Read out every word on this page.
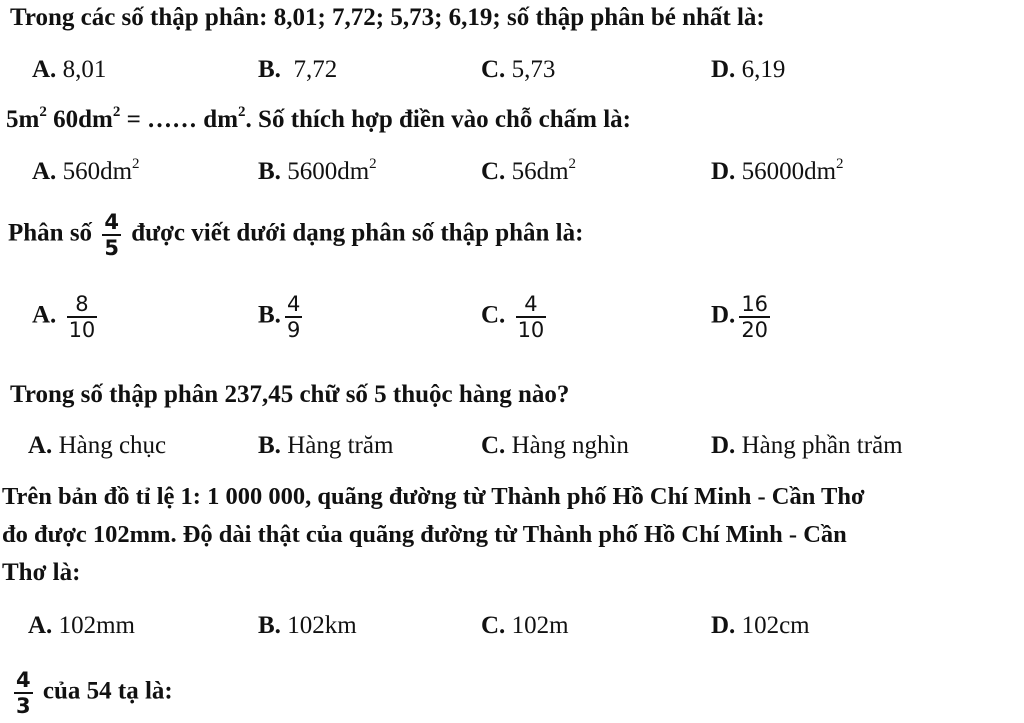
Trong các số thập phân: 8,01; 7,72; 5,73; 6,19; số thập phân bé nhất là:
A. 8,01	B. 7,72	C. 5,73	D. 6,19
$5m^2$ $60dm^2$ = …… $dm^2$. Số thích hợp điền vào chỗ chấm là:
A. $560dm^2$	B. $5600dm^2$	C. $56dm^2$	D. $56000dm^2$
Phân số $\frac{4}{5}$ được viết dưới dạng phân số thập phân là:
A. $\frac{8}{10}$	B. $\frac{4}{9}$	C. $\frac{4}{10}$	D. $\frac{16}{20}$
Trong số thập phân 237,45 chữ số 5 thuộc hàng nào?
A. Hàng chục	B. Hàng trăm	C. Hàng nghìn	D. Hàng phần trăm
Trên bản đồ tỉ lệ 1: 1 000 000, quãng đường từ Thành phố Hồ Chí Minh - Cần Thơ
đo được 102mm. Độ dài thật của quãng đường từ Thành phố Hồ Chí Minh - Cần
Thơ là:
A. 102mm	B. 102km	C. 102m	D. 102cm
$\frac{4}{3}$ của 54 tạ là:
